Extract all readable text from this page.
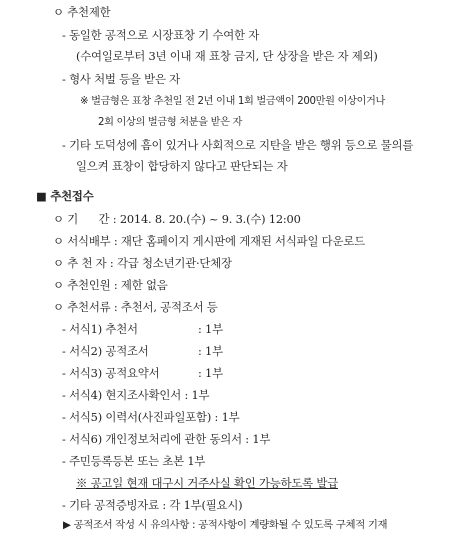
ㅇ 추천제한
- 동일한 공적으로 시장표창 기 수여한 자
(수여일로부터 3년 이내 재 표창 금지, 단 상장을 받은 자 제외)
- 형사 처벌 등을 받은 자
※ 벌금형은 표창 추천일 전 2년 이내 1회 벌금액이 200만원 이상이거나
2회 이상의 벌금형 처분을 받은 자
- 기타 도덕성에 흠이 있거나 사회적으로 지탄을 받은 행위 등으로 물의를
일으켜 표창이 합당하지 않다고 판단되는 자
■ 추천접수
ㅇ 기      간 : 2014. 8. 20.(수) ~ 9. 3.(수) 12:00
ㅇ 서식배부 : 재단 홈페이지 게시판에 게재된 서식파일 다운로드
ㅇ 추 천 자 : 각급 청소년기관·단체장
ㅇ 추천인원 : 제한 없음
ㅇ 추천서류 : 추천서, 공적조서 등
- 서식1) 추천서	: 1부
- 서식2) 공적조서	: 1부
- 서식3) 공적요약서	: 1부
- 서식4) 현지조사확인서 : 1부
- 서식5) 이력서(사진파일포함) : 1부
- 서식6) 개인정보처리에 관한 동의서 : 1부
- 주민등록등본 또는 초본 1부
※ 공고일 현재 대구시 거주사실 확인 가능하도록 발급
- 기타 공적증빙자료 : 각 1부(필요시)
▶ 공적조서 작성 시 유의사항 : 공적사항이 계량화될 수 있도록 구체적 기재
